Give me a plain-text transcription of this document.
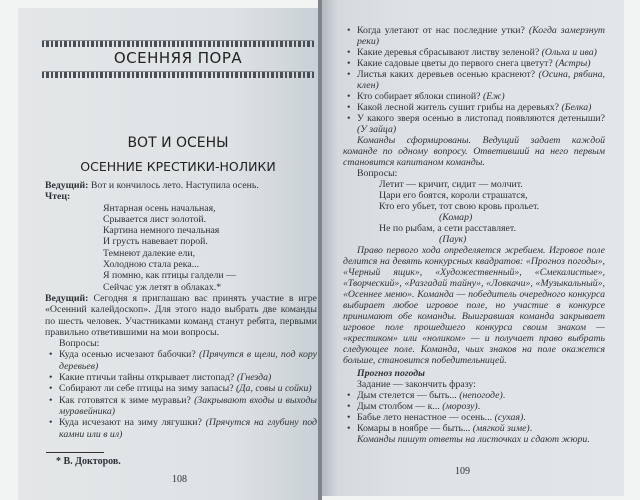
ОСЕННЯЯ ПОРА
ВОТ И ОСЕНЫ
ОСЕННИЕ КРЕСТИКИ-НОЛИКИ

Ведущий: Вот и кончилось лето. Наступила осень.

Чтец:

Янтарная осень начальная,
Срывается лист золотой.
Картина немного печальная
И грусть навевает порой.
Темнеют далекие ели,
Холодною стала река...
Я помню, как птицы галдели —
Сейчас уж летят в облаках.*

Ведущий: Сегодня я приглашаю вас принять участие в игре «Осенний калейдоскоп». Для этого надо выбрать две команды по шесть человек. Участниками команд станут ребята, первыми правильно ответившими на мои вопросы.

Вопросы:

• Куда осенью исчезают бабочки? (Прячутся в щели, под кору деревьев)
• Какие птичьи тайны открывает листопад? (Гнезда)
• Собирают ли себе птицы на зиму запасы? (Да, совы и сойки)
• Как готовятся к зиме муравьи? (Закрывают входы и выходы муравейника)
• Куда исчезают на зиму лягушки? (Прячутся на глубину под камни или в ил)
* В. Докторов.
108
• Когда улетают от нас последние утки? (Когда замерзнут реки)
• Какие деревья сбрасывают листву зеленой? (Ольха и ива)
• Какие садовые цветы до первого снега цветут? (Астры)
• Листья каких деревьев осенью краснеют? (Осина, рябина, клен)
• Кто собирает яблоки спиной? (Еж)
• Какой лесной житель сушит грибы на деревьях? (Белка)
• У какого зверя осенью в листопад появляются детеныши? (У зайца)

Команды сформированы. Ведущий задает каждой команде по одному вопросу. Ответивший на него первым становится капитаном команды.

Вопросы:

Летит — кричит, сидит — молчит.
Цари его боятся, короли страшатся,
Кто его убьет, тот свою кровь прольет.
(Комар)
Не по рыбам, а сети расставляет.
(Паук)

Право первого хода определяется жребием. Игровое поле делится на девять конкурсных квадратов: «Прогноз погоды», «Черный ящик», «Художественный», «Смекалистые», «Творческий», «Разгадай тайну», «Ловкачи», «Музыкальный», «Осеннее меню». Команда — победитель очередного конкурса выбирает любое игровое поле, но участие в конкурсе принимают обе команды. Выигравшая команда закрывает игровое поле прошедшего конкурса своим знаком — «крестиком» или «ноликом» — и получает право выбрать следующее поле. Команда, чьих знаков на поле окажется больше, становится победительницей.

Прогноз погоды

Задание — закончить фразу:

• Дым стелется — быть... (непогоде).
• Дым столбом — к... (морозу).
• Бабье лето ненастное — осень... (сухая).
• Комары в ноябре — быть... (мягкой зиме).

Команды пишут ответы на листочках и сдают жюри.

109
